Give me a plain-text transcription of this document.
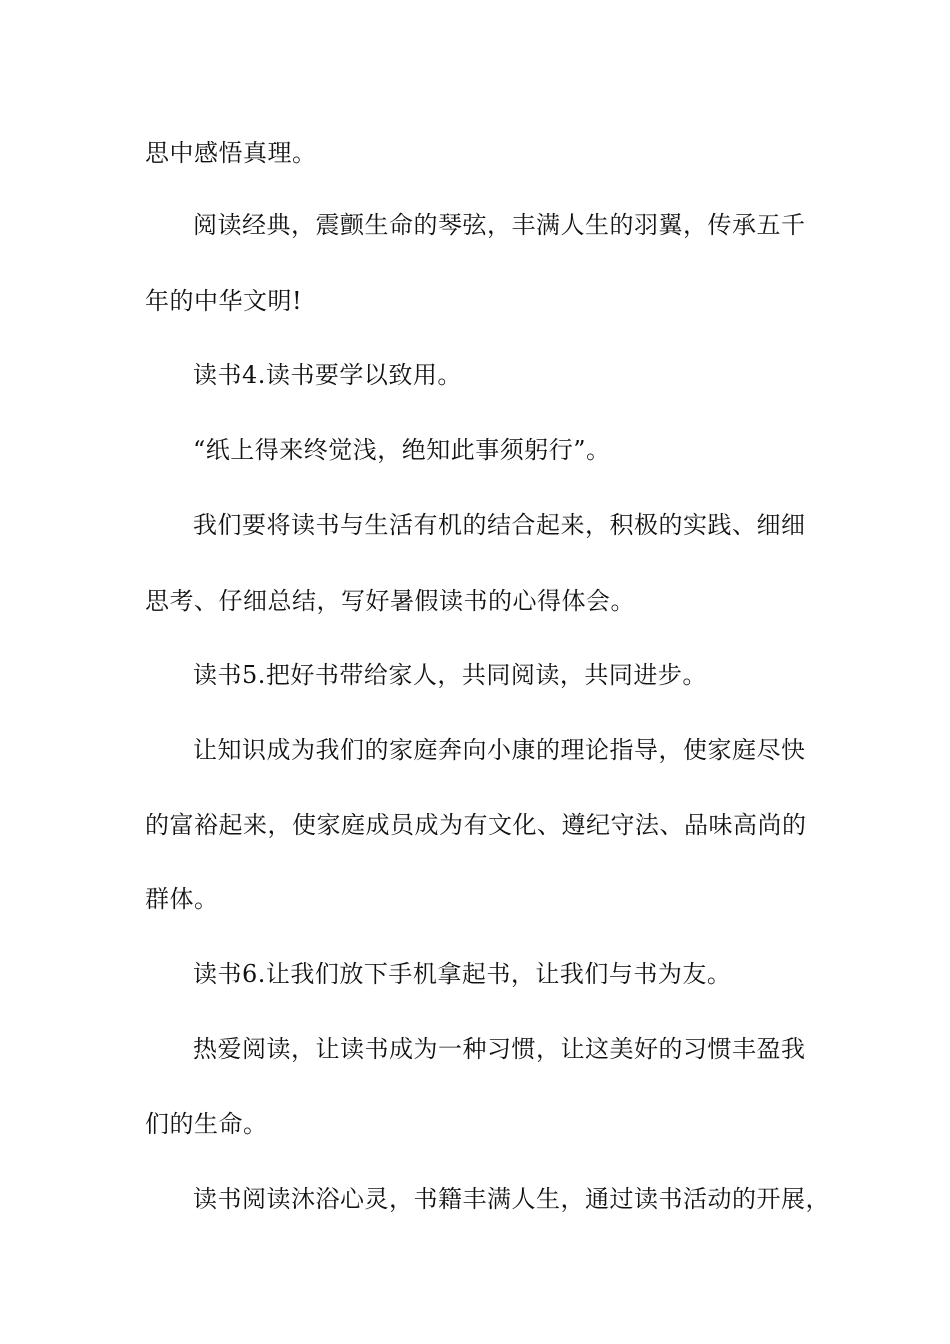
思中感悟真理。
阅读经典，震颤生命的琴弦，丰满人生的羽翼，传承五千
年的中华文明!
读书4.读书要学以致用。
“纸上得来终觉浅，绝知此事须躬行”。
我们要将读书与生活有机的结合起来，积极的实践、细细
思考、仔细总结，写好暑假读书的心得体会。
读书5.把好书带给家人，共同阅读，共同进步。
让知识成为我们的家庭奔向小康的理论指导，使家庭尽快
的富裕起来，使家庭成员成为有文化、遵纪守法、品味高尚的
群体。
读书6.让我们放下手机拿起书，让我们与书为友。
热爱阅读，让读书成为一种习惯，让这美好的习惯丰盈我
们的生命。
读书阅读沐浴心灵，书籍丰满人生，通过读书活动的开展，
